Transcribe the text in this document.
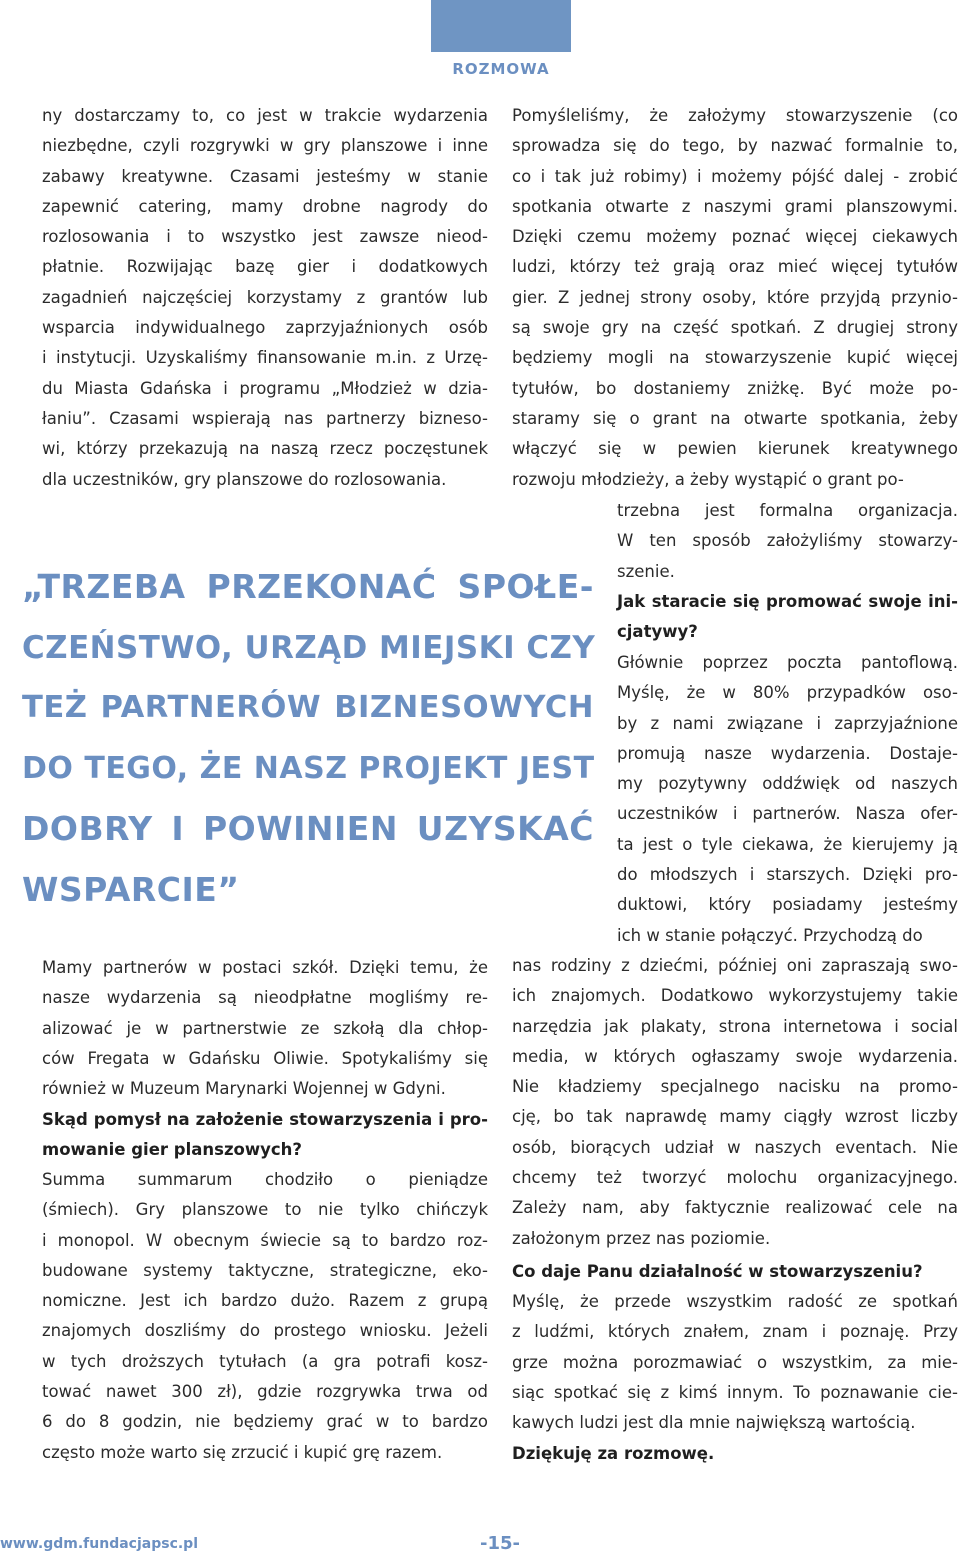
ROZMOWA
ny dostarczamy to, co jest w trakcie wydarzenia
niezbędne, czyli rozgrywki w gry planszowe i inne
zabawy kreatywne. Czasami jesteśmy w stanie
zapewnić catering, mamy drobne nagrody do
rozlosowania i to wszystko jest zawsze nieod-
płatnie. Rozwijając bazę gier i dodatkowych
zagadnień najczęściej korzystamy z grantów lub
wsparcia indywidualnego zaprzyjaźnionych osób
i instytucji. Uzyskaliśmy finansowanie m.in. z Urzę-
du Miasta Gdańska i programu „Młodzież w dzia-
łaniu”. Czasami wspierają nas partnerzy bizneso-
wi, którzy przekazują na naszą rzecz poczęstunek
dla uczestników, gry planszowe do rozlosowania.
„TRZEBA PRZEKONAĆ SPOŁE-
CZEŃSTWO, URZĄD MIEJSKI CZY
TEŻ PARTNERÓW BIZNESOWYCH
DO TEGO, ŻE NASZ PROJEKT JEST
DOBRY I POWINIEN UZYSKAĆ
WSPARCIE”
Mamy partnerów w postaci szkół. Dzięki temu, że
nasze wydarzenia są nieodpłatne mogliśmy re-
alizować je w partnerstwie ze szkołą dla chłop-
ców Fregata w Gdańsku Oliwie. Spotykaliśmy się
również w Muzeum Marynarki Wojennej w Gdyni.
Skąd pomysł na założenie stowarzyszenia i pro-
mowanie gier planszowych?
Summa summarum chodziło o pieniądze
(śmiech). Gry planszowe to nie tylko chińczyk
i monopol. W obecnym świecie są to bardzo roz-
budowane systemy taktyczne, strategiczne, eko-
nomiczne. Jest ich bardzo dużo. Razem z grupą
znajomych doszliśmy do prostego wniosku. Jeżeli
w tych droższych tytułach (a gra potrafi kosz-
tować nawet 300 zł), gdzie rozgrywka trwa od
6 do 8 godzin, nie będziemy grać w to bardzo
często może warto się zrzucić i kupić grę razem.
Pomyśleliśmy, że założymy stowarzyszenie (co
sprowadza się do tego, by nazwać formalnie to,
co i tak już robimy) i możemy pójść dalej - zrobić
spotkania otwarte z naszymi grami planszowymi.
Dzięki czemu możemy poznać więcej ciekawych
ludzi, którzy też grają oraz mieć więcej tytułów
gier. Z jednej strony osoby, które przyjdą przynio-
są swoje gry na część spotkań. Z drugiej strony
będziemy mogli na stowarzyszenie kupić więcej
tytułów, bo dostaniemy zniżkę. Być może po-
staramy się o grant na otwarte spotkania, żeby
włączyć się w pewien kierunek kreatywnego
rozwoju młodzieży, a żeby wystąpić o grant po-
trzebna jest formalna organizacja.
W ten sposób założyliśmy stowarzy-
szenie.
Jak staracie się promować swoje ini-
cjatywy?
Głównie poprzez poczta pantoflową.
Myślę, że w 80% przypadków oso-
by z nami związane i zaprzyjaźnione
promują nasze wydarzenia. Dostaje-
my pozytywny oddźwięk od naszych
uczestników i partnerów. Nasza ofer-
ta jest o tyle ciekawa, że kierujemy ją
do młodszych i starszych. Dzięki pro-
duktowi, który posiadamy jesteśmy
ich w stanie połączyć. Przychodzą do
nas rodziny z dziećmi, później oni zapraszają swo-
ich znajomych. Dodatkowo wykorzystujemy takie
narzędzia jak plakaty, strona internetowa i social
media, w których ogłaszamy swoje wydarzenia.
Nie kładziemy specjalnego nacisku na promo-
cję, bo tak naprawdę mamy ciągły wzrost liczby
osób, biorących udział w naszych eventach. Nie
chcemy też tworzyć molochu organizacyjnego.
Zależy nam, aby faktycznie realizować cele na
założonym przez nas poziomie.
Co daje Panu działalność w stowarzyszeniu?
Myślę, że przede wszystkim radość ze spotkań
z ludźmi, których znałem, znam i poznaję. Przy
grze można porozmawiać o wszystkim, za mie-
siąc spotkać się z kimś innym. To poznawanie cie-
kawych ludzi jest dla mnie największą wartością.
Dziękuję za rozmowę.
www.gdm.fundacjapsc.pl	-15-
